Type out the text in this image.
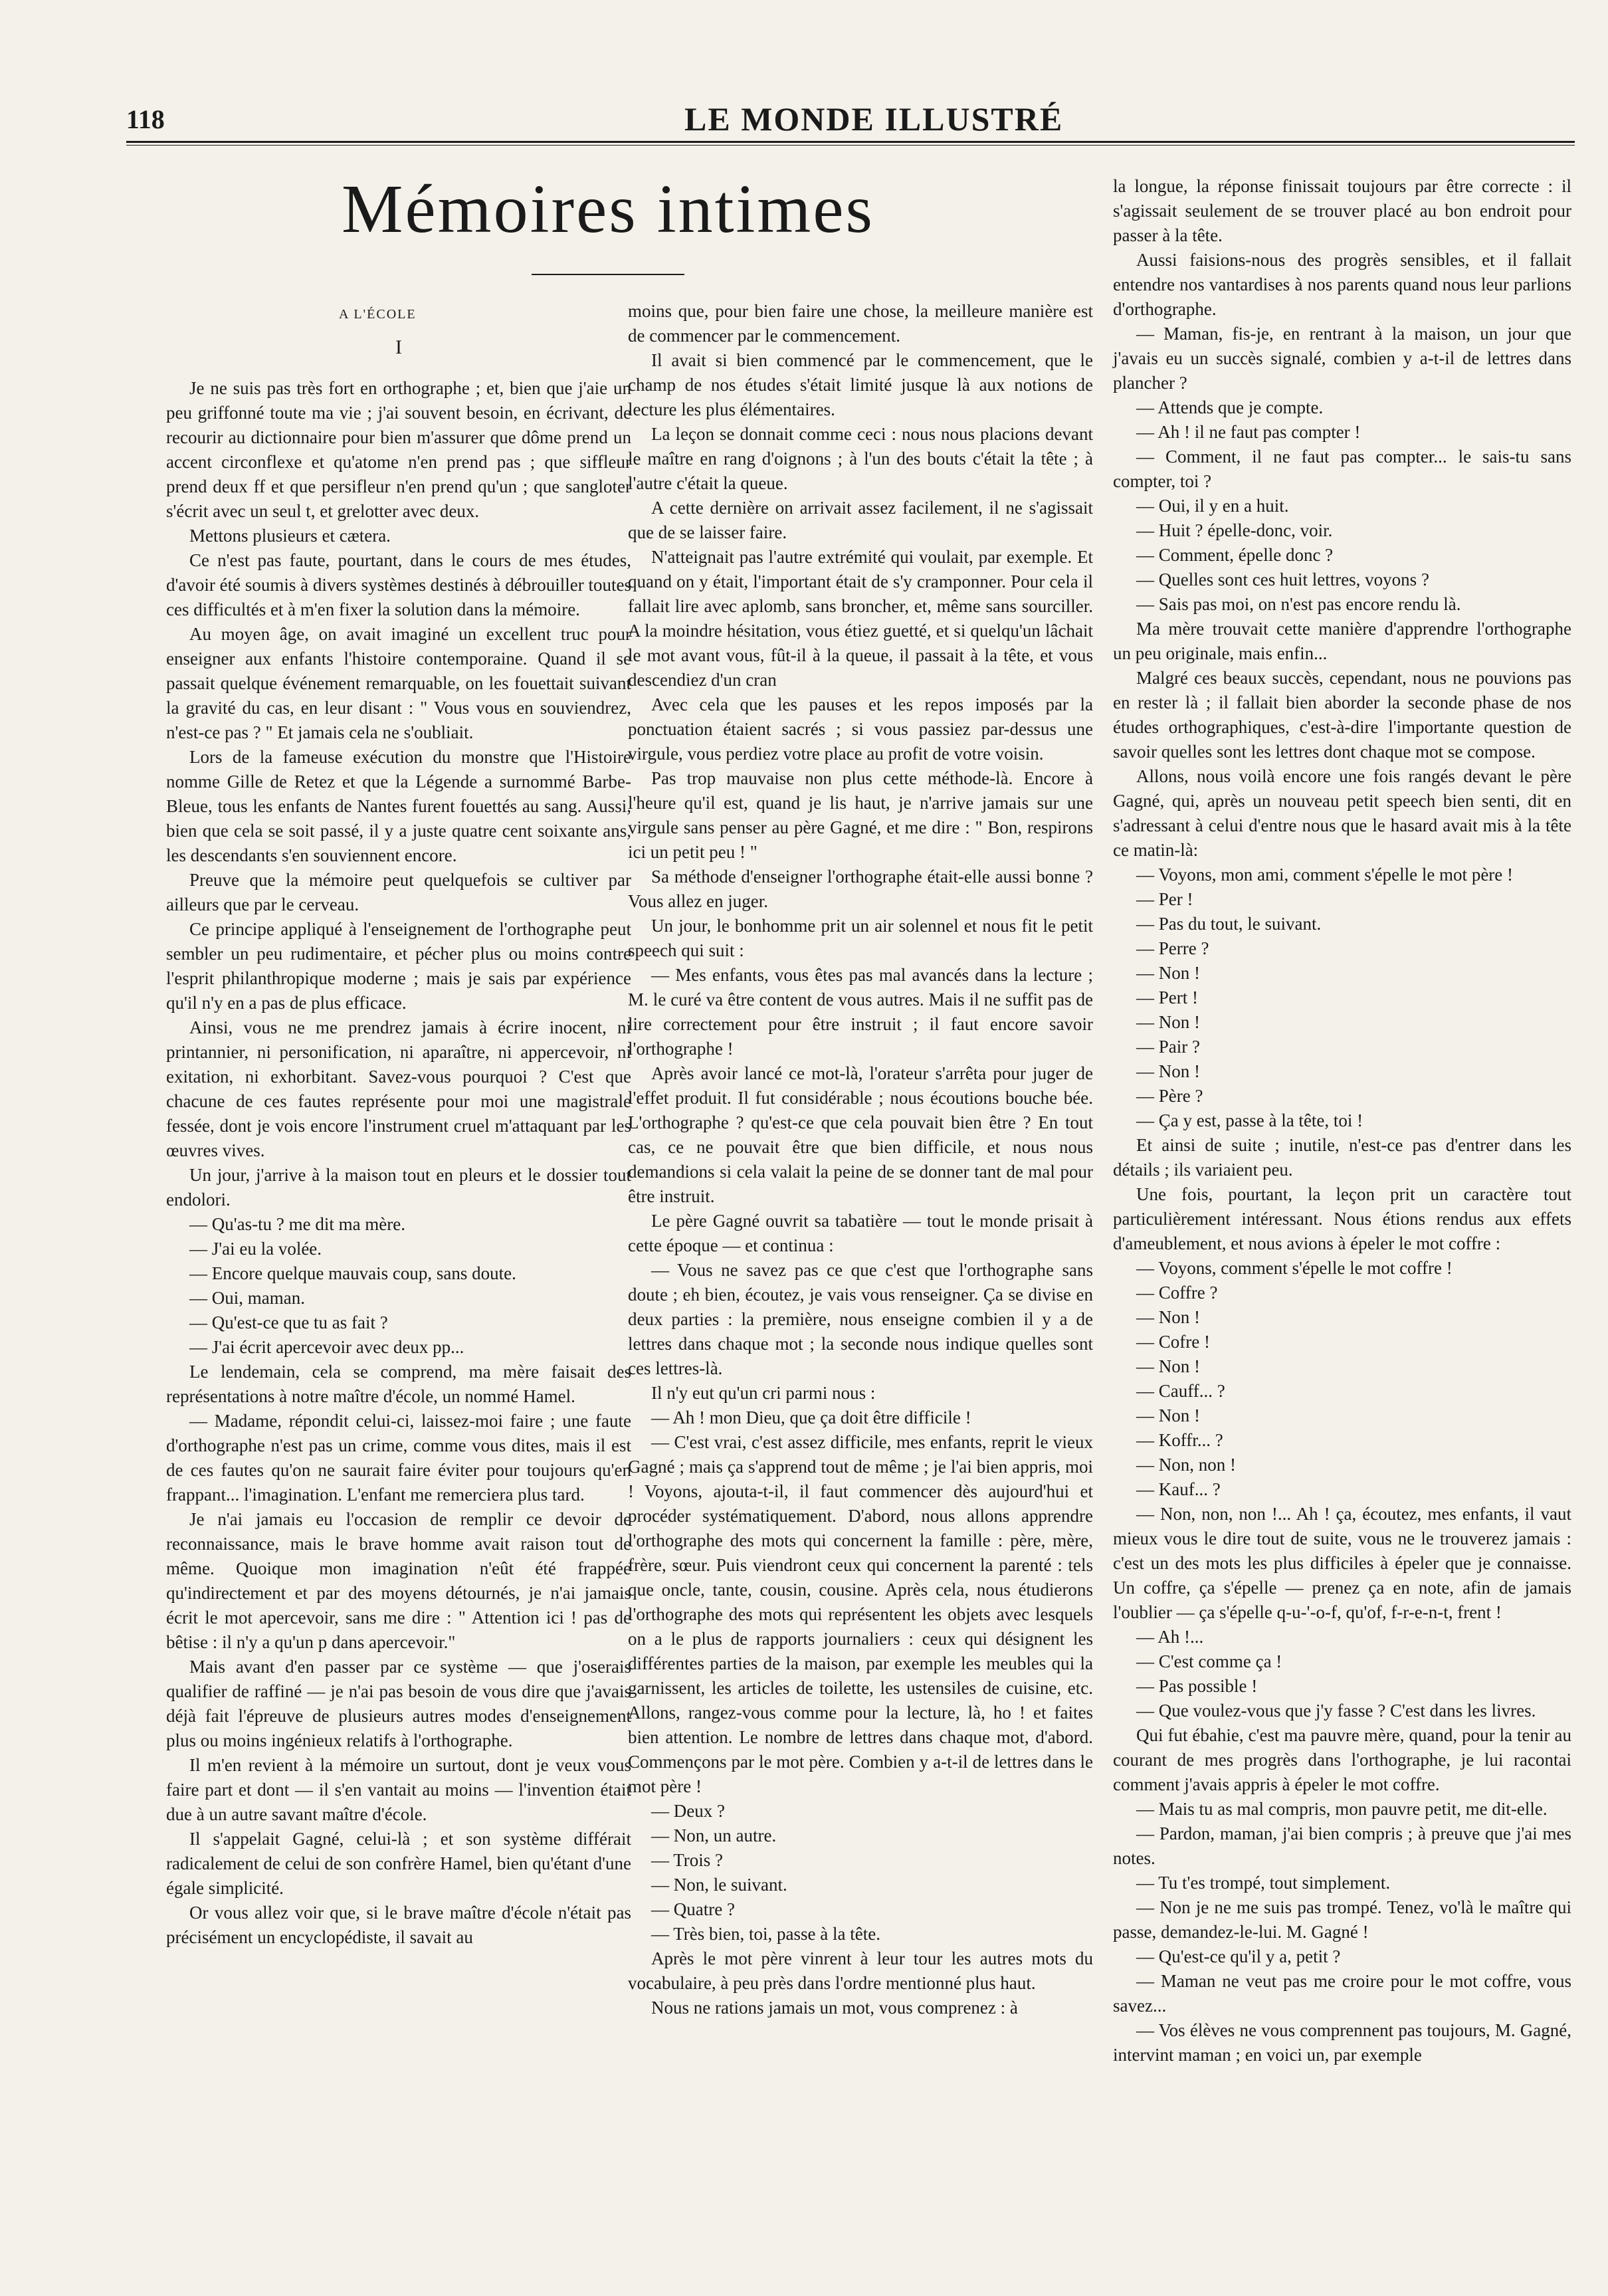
118	LE MONDE ILLUSTRÉ
Mémoires intimes
A L'ÉCOLE
I

Je ne suis pas très fort en orthographe ; et, bien que j'aie un peu griffonné toute ma vie ; j'ai souvent besoin, en écrivant, de recourir au dictionnaire pour bien m'assurer que dôme prend un accent circonflexe et qu'atome n'en prend pas ; que siffleur prend deux ff et que persifleur n'en prend qu'un ; que sangloter s'écrit avec un seul t, et grelotter avec deux.

Mettons plusieurs et cætera.

Ce n'est pas faute, pourtant, dans le cours de mes études, d'avoir été soumis à divers systèmes destinés à débrouiller toutes ces difficultés et à m'en fixer la solution dans la mémoire.

Au moyen âge, on avait imaginé un excellent truc pour enseigner aux enfants l'histoire contemporaine. Quand il se passait quelque événement remarquable, on les fouettait suivant la gravité du cas, en leur disant : " Vous vous en souviendrez, n'est-ce pas ? " Et jamais cela ne s'oubliait.

Lors de la fameuse exécution du monstre que l'Histoire nomme Gille de Retez et que la Légende a surnommé Barbe-Bleue, tous les enfants de Nantes furent fouettés au sang. Aussi, bien que cela se soit passé, il y a juste quatre cent soixante ans, les descendants s'en souviennent encore.

Preuve que la mémoire peut quelquefois se cultiver par ailleurs que par le cerveau.

Ce principe appliqué à l'enseignement de l'orthographe peut sembler un peu rudimentaire, et pécher plus ou moins contre l'esprit philanthropique moderne ; mais je sais par expérience qu'il n'y en a pas de plus efficace.

Ainsi, vous ne me prendrez jamais à écrire inocent, ni printannier, ni personification, ni aparaître, ni appercevoir, ni exitation, ni exhorbitant. Savez-vous pourquoi ? C'est que chacune de ces fautes représente pour moi une magistrale fessée, dont je vois encore l'instrument cruel m'attaquant par les œuvres vives.

Un jour, j'arrive à la maison tout en pleurs et le dossier tout endolori.

— Qu'as-tu ? me dit ma mère.

— J'ai eu la volée.

— Encore quelque mauvais coup, sans doute.

— Oui, maman.

— Qu'est-ce que tu as fait ?

— J'ai écrit apercevoir avec deux pp...

Le lendemain, cela se comprend, ma mère faisait des représentations à notre maître d'école, un nommé Hamel.

— Madame, répondit celui-ci, laissez-moi faire ; une faute d'orthographe n'est pas un crime, comme vous dites, mais il est de ces fautes qu'on ne saurait faire éviter pour toujours qu'en frappant... l'imagination. L'enfant me remerciera plus tard.

Je n'ai jamais eu l'occasion de remplir ce devoir de reconnaissance, mais le brave homme avait raison tout de même. Quoique mon imagination n'eût été frappée qu'indirectement et par des moyens détournés, je n'ai jamais écrit le mot apercevoir, sans me dire : " Attention ici ! pas de bêtise : il n'y a qu'un p dans apercevoir."

Mais avant d'en passer par ce système — que j'oserais qualifier de raffiné — je n'ai pas besoin de vous dire que j'avais déjà fait l'épreuve de plusieurs autres modes d'enseignement plus ou moins ingénieux relatifs à l'orthographe.

Il m'en revient à la mémoire un surtout, dont je veux vous faire part et dont — il s'en vantait au moins — l'invention était due à un autre savant maître d'école.

Il s'appelait Gagné, celui-là ; et son système différait radicalement de celui de son confrère Hamel, bien qu'étant d'une égale simplicité.

Or vous allez voir que, si le brave maître d'école n'était pas précisément un encyclopédiste, il savait au

moins que, pour bien faire une chose, la meilleure manière est de commencer par le commencement.

Il avait si bien commencé par le commencement, que le champ de nos études s'était limité jusque là aux notions de lecture les plus élémentaires.

La leçon se donnait comme ceci : nous nous placions devant le maître en rang d'oignons ; à l'un des bouts c'était la tête ; à l'autre c'était la queue.

A cette dernière on arrivait assez facilement, il ne s'agissait que de se laisser faire.

N'atteignait pas l'autre extrémité qui voulait, par exemple. Et quand on y était, l'important était de s'y cramponner. Pour cela il fallait lire avec aplomb, sans broncher, et, même sans sourciller. A la moindre hésitation, vous étiez guetté, et si quelqu'un lâchait le mot avant vous, fût-il à la queue, il passait à la tête, et vous descendiez d'un cran

Avec cela que les pauses et les repos imposés par la ponctuation étaient sacrés ; si vous passiez par-dessus une virgule, vous perdiez votre place au profit de votre voisin.

Pas trop mauvaise non plus cette méthode-là. Encore à l'heure qu'il est, quand je lis haut, je n'arrive jamais sur une virgule sans penser au père Gagné, et me dire : " Bon, respirons ici un petit peu ! "

Sa méthode d'enseigner l'orthographe était-elle aussi bonne ? Vous allez en juger.

Un jour, le bonhomme prit un air solennel et nous fit le petit speech qui suit :

— Mes enfants, vous êtes pas mal avancés dans la lecture ; M. le curé va être content de vous autres. Mais il ne suffit pas de lire correctement pour être instruit ; il faut encore savoir l'orthographe !

Après avoir lancé ce mot-là, l'orateur s'arrêta pour juger de l'effet produit. Il fut considérable ; nous écoutions bouche bée. L'orthographe ? qu'est-ce que cela pouvait bien être ? En tout cas, ce ne pouvait être que bien difficile, et nous nous demandions si cela valait la peine de se donner tant de mal pour être instruit.

Le père Gagné ouvrit sa tabatière — tout le monde prisait à cette époque — et continua :

— Vous ne savez pas ce que c'est que l'orthographe sans doute ; eh bien, écoutez, je vais vous renseigner. Ça se divise en deux parties : la première, nous enseigne combien il y a de lettres dans chaque mot ; la seconde nous indique quelles sont ces lettres-là.

Il n'y eut qu'un cri parmi nous :

— Ah ! mon Dieu, que ça doit être difficile !

— C'est vrai, c'est assez difficile, mes enfants, reprit le vieux Gagné ; mais ça s'apprend tout de même ; je l'ai bien appris, moi ! Voyons, ajouta-t-il, il faut commencer dès aujourd'hui et procéder systématiquement. D'abord, nous allons apprendre l'orthographe des mots qui concernent la famille : père, mère, frère, sœur. Puis viendront ceux qui concernent la parenté : tels que oncle, tante, cousin, cousine. Après cela, nous étudierons l'orthographe des mots qui représentent les objets avec lesquels on a le plus de rapports journaliers : ceux qui désignent les différentes parties de la maison, par exemple les meubles qui la garnissent, les articles de toilette, les ustensiles de cuisine, etc. Allons, rangez-vous comme pour la lecture, là, ho ! et faites bien attention. Le nombre de lettres dans chaque mot, d'abord. Commençons par le mot père. Combien y a-t-il de lettres dans le mot père !

— Deux ?

— Non, un autre.

— Trois ?

— Non, le suivant.

— Quatre ?

— Très bien, toi, passe à la tête.

Après le mot père vinrent à leur tour les autres mots du vocabulaire, à peu près dans l'ordre mentionné plus haut.

Nous ne rations jamais un mot, vous comprenez : à

la longue, la réponse finissait toujours par être correcte : il s'agissait seulement de se trouver placé au bon endroit pour passer à la tête.

Aussi faisions-nous des progrès sensibles, et il fallait entendre nos vantardises à nos parents quand nous leur parlions d'orthographe.

— Maman, fis-je, en rentrant à la maison, un jour que j'avais eu un succès signalé, combien y a-t-il de lettres dans plancher ?

— Attends que je compte.

— Ah ! il ne faut pas compter !

— Comment, il ne faut pas compter... le sais-tu sans compter, toi ?

— Oui, il y en a huit.

— Huit ? épelle-donc, voir.

— Comment, épelle donc ?

— Quelles sont ces huit lettres, voyons ?

— Sais pas moi, on n'est pas encore rendu là.

Ma mère trouvait cette manière d'apprendre l'orthographe un peu originale, mais enfin...

Malgré ces beaux succès, cependant, nous ne pouvions pas en rester là ; il fallait bien aborder la seconde phase de nos études orthographiques, c'est-à-dire l'importante question de savoir quelles sont les lettres dont chaque mot se compose.

Allons, nous voilà encore une fois rangés devant le père Gagné, qui, après un nouveau petit speech bien senti, dit en s'adressant à celui d'entre nous que le hasard avait mis à la tête ce matin-là:

— Voyons, mon ami, comment s'épelle le mot père !

— Per !

— Pas du tout, le suivant.

— Perre ?

— Non !

— Pert !

— Non !

— Pair ?

— Non !

— Père ?

— Ça y est, passe à la tête, toi !

Et ainsi de suite ; inutile, n'est-ce pas d'entrer dans les détails ; ils variaient peu.

Une fois, pourtant, la leçon prit un caractère tout particulièrement intéressant. Nous étions rendus aux effets d'ameublement, et nous avions à épeler le mot coffre :

— Voyons, comment s'épelle le mot coffre !

— Coffre ?

— Non !

— Cofre !

— Non !

— Cauff... ?

— Non !

— Koffr... ?

— Non, non !

— Kauf... ?

— Non, non, non !... Ah ! ça, écoutez, mes enfants, il vaut mieux vous le dire tout de suite, vous ne le trouverez jamais : c'est un des mots les plus difficiles à épeler que je connaisse. Un coffre, ça s'épelle — prenez ça en note, afin de jamais l'oublier — ça s'épelle q-u-'-o-f, qu'of, f-r-e-n-t, frent !

— Ah !...

— C'est comme ça !

— Pas possible !

— Que voulez-vous que j'y fasse ? C'est dans les livres.

Qui fut ébahie, c'est ma pauvre mère, quand, pour la tenir au courant de mes progrès dans l'orthographe, je lui racontai comment j'avais appris à épeler le mot coffre.

— Mais tu as mal compris, mon pauvre petit, me dit-elle.

— Pardon, maman, j'ai bien compris ; à preuve que j'ai mes notes.

— Tu t'es trompé, tout simplement.

— Non je ne me suis pas trompé. Tenez, vo'là le maître qui passe, demandez-le-lui. M. Gagné !

— Qu'est-ce qu'il y a, petit ?

— Maman ne veut pas me croire pour le mot coffre, vous savez...

— Vos élèves ne vous comprennent pas toujours, M. Gagné, intervint maman ; en voici un, par exemple
